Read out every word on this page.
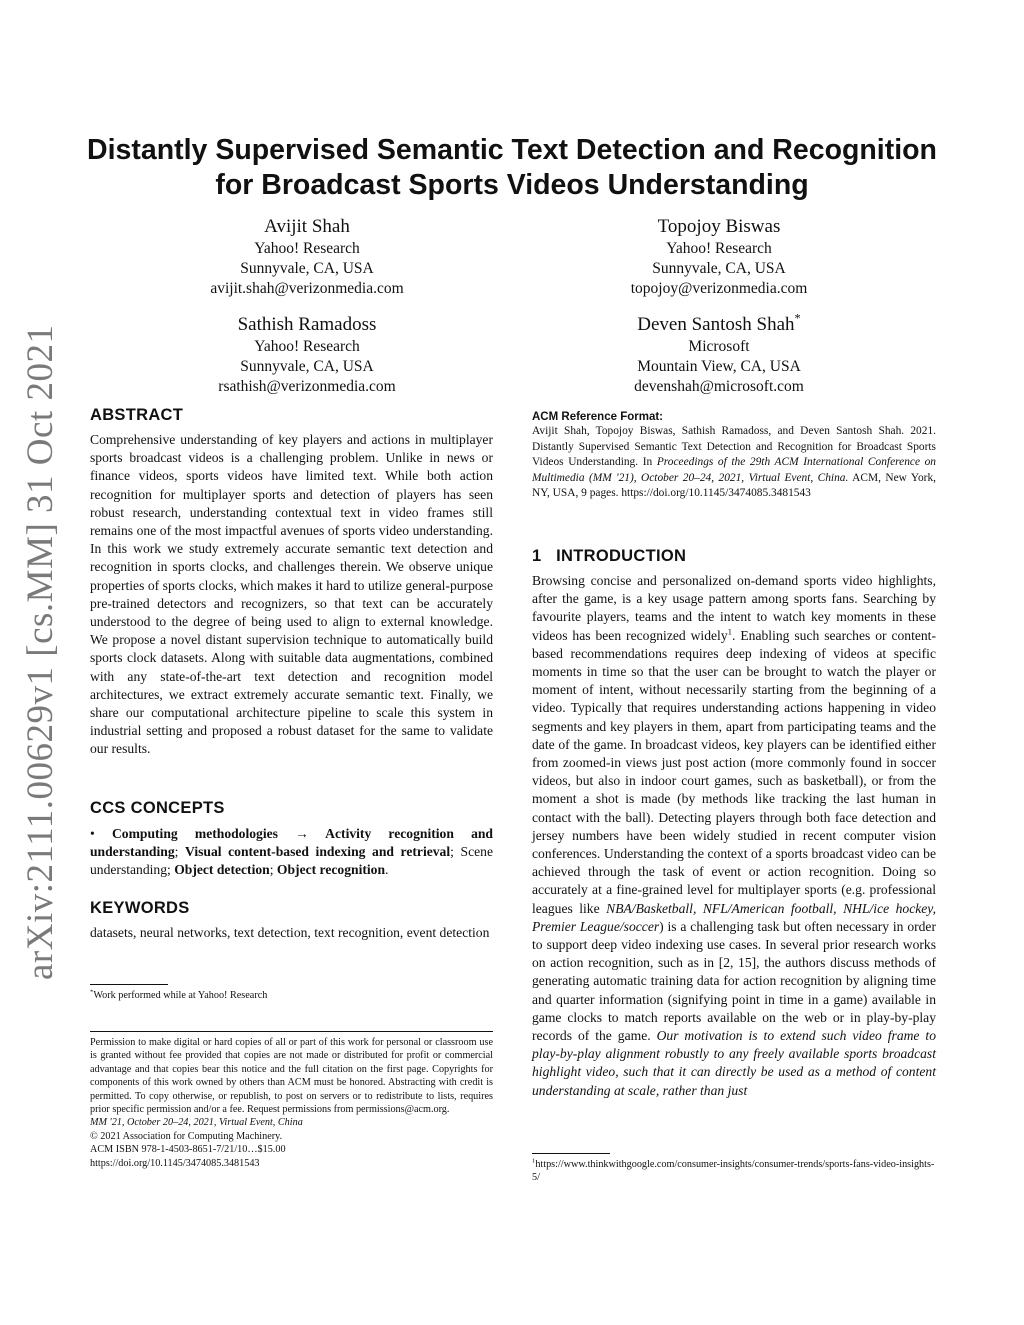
arXiv:2111.00629v1 [cs.MM] 31 Oct 2021
Distantly Supervised Semantic Text Detection and Recognition
for Broadcast Sports Videos Understanding
Avijit Shah
Yahoo! Research
Sunnyvale, CA, USA
avijit.shah@verizonmedia.com
Topojoy Biswas
Yahoo! Research
Sunnyvale, CA, USA
topojoy@verizonmedia.com
Sathish Ramadoss
Yahoo! Research
Sunnyvale, CA, USA
rsathish@verizonmedia.com
Deven Santosh Shah*
Microsoft
Mountain View, CA, USA
devenshah@microsoft.com
ABSTRACT
Comprehensive understanding of key players and actions in multiplayer sports broadcast videos is a challenging problem. Unlike in news or finance videos, sports videos have limited text. While both action recognition for multiplayer sports and detection of players has seen robust research, understanding contextual text in video frames still remains one of the most impactful avenues of sports video understanding. In this work we study extremely accurate semantic text detection and recognition in sports clocks, and challenges therein. We observe unique properties of sports clocks, which makes it hard to utilize general-purpose pre-trained detectors and recognizers, so that text can be accurately understood to the degree of being used to align to external knowledge. We propose a novel distant supervision technique to automatically build sports clock datasets. Along with suitable data augmentations, combined with any state-of-the-art text detection and recognition model architectures, we extract extremely accurate semantic text. Finally, we share our computational architecture pipeline to scale this system in industrial setting and proposed a robust dataset for the same to validate our results.
CCS CONCEPTS
• Computing methodologies → Activity recognition and understanding; Visual content-based indexing and retrieval; Scene understanding; Object detection; Object recognition.
KEYWORDS
datasets, neural networks, text detection, text recognition, event detection
*Work performed while at Yahoo! Research
Permission to make digital or hard copies of all or part of this work for personal or classroom use is granted without fee provided that copies are not made or distributed for profit or commercial advantage and that copies bear this notice and the full citation on the first page. Copyrights for components of this work owned by others than ACM must be honored. Abstracting with credit is permitted. To copy otherwise, or republish, to post on servers or to redistribute to lists, requires prior specific permission and/or a fee. Request permissions from permissions@acm.org.
MM '21, October 20–24, 2021, Virtual Event, China
© 2021 Association for Computing Machinery.
ACM ISBN 978-1-4503-8651-7/21/10…$15.00
https://doi.org/10.1145/3474085.3481543
ACM Reference Format:
Avijit Shah, Topojoy Biswas, Sathish Ramadoss, and Deven Santosh Shah. 2021. Distantly Supervised Semantic Text Detection and Recognition for Broadcast Sports Videos Understanding. In Proceedings of the 29th ACM International Conference on Multimedia (MM '21), October 20–24, 2021, Virtual Event, China. ACM, New York, NY, USA, 9 pages. https://doi.org/10.1145/3474085.3481543
1 INTRODUCTION
Browsing concise and personalized on-demand sports video highlights, after the game, is a key usage pattern among sports fans. Searching by favourite players, teams and the intent to watch key moments in these videos has been recognized widely$^1$. Enabling such searches or content-based recommendations requires deep indexing of videos at specific moments in time so that the user can be brought to watch the player or moment of intent, without necessarily starting from the beginning of a video. Typically that requires understanding actions happening in video segments and key players in them, apart from participating teams and the date of the game. In broadcast videos, key players can be identified either from zoomed-in views just post action (more commonly found in soccer videos, but also in indoor court games, such as basketball), or from the moment a shot is made (by methods like tracking the last human in contact with the ball). Detecting players through both face detection and jersey numbers have been widely studied in recent computer vision conferences. Understanding the context of a sports broadcast video can be achieved through the task of event or action recognition. Doing so accurately at a fine-grained level for multiplayer sports (e.g. professional leagues like NBA/Basketball, NFL/American football, NHL/ice hockey, Premier League/soccer) is a challenging task but often necessary in order to support deep video indexing use cases. In several prior research works on action recognition, such as in [2, 15], the authors discuss methods of generating automatic training data for action recognition by aligning time and quarter information (signifying point in time in a game) available in game clocks to match reports available on the web or in play-by-play records of the game. Our motivation is to extend such video frame to play-by-play alignment robustly to any freely available sports broadcast highlight video, such that it can directly be used as a method of content understanding at scale, rather than just
$^1$https://www.thinkwithgoogle.com/consumer-insights/consumer-trends/sports-fans-video-insights-5/
